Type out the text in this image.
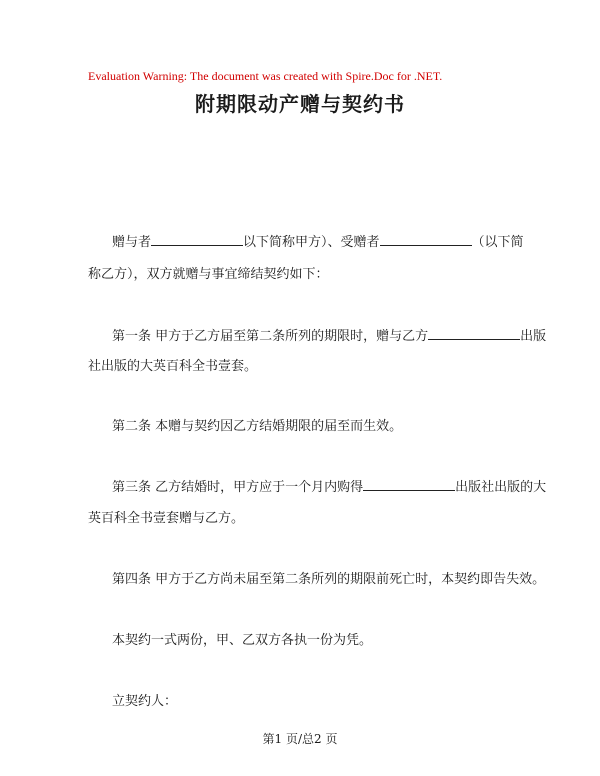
Evaluation Warning: The document was created with Spire.Doc for .NET.
附期限动产赠与契约书
赠与者	以下简称甲方）、受赠者	（以下简
称乙方），双方就赠与事宜缔结契约如下：
第一条 甲方于乙方届至第二条所列的期限时，赠与乙方	出版
社出版的大英百科全书壹套。
第二条 本赠与契约因乙方结婚期限的届至而生效。
第三条 乙方结婚时，甲方应于一个月内购得	出版社出版的大
英百科全书壹套赠与乙方。
第四条 甲方于乙方尚未届至第二条所列的期限前死亡时，本契约即告失效。
本契约一式两份，甲、乙双方各执一份为凭。
立契约人：
第1 页/总2 页
